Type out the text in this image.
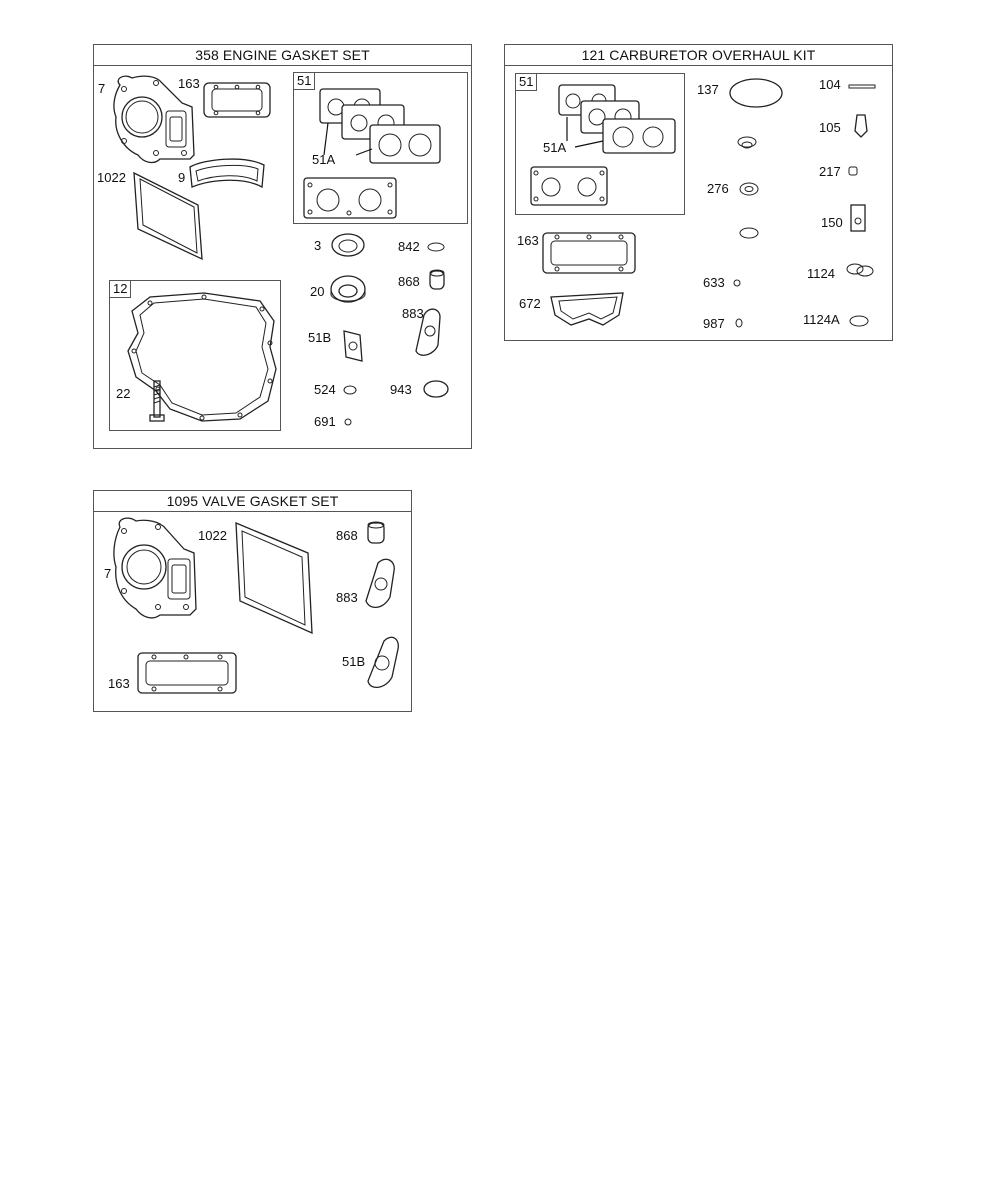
358 ENGINE GASKET SET
7	163
1022	9
51
51A
3	842
20
868
883
51B
12
22	524	943
691
121 CARBURETOR OVERHAUL KIT
51
51A
137	104
105
276
217
150
163
1124
633
672
987	1124A
1095 VALVE GASKET SET
1022	868
7
883
51B
163
